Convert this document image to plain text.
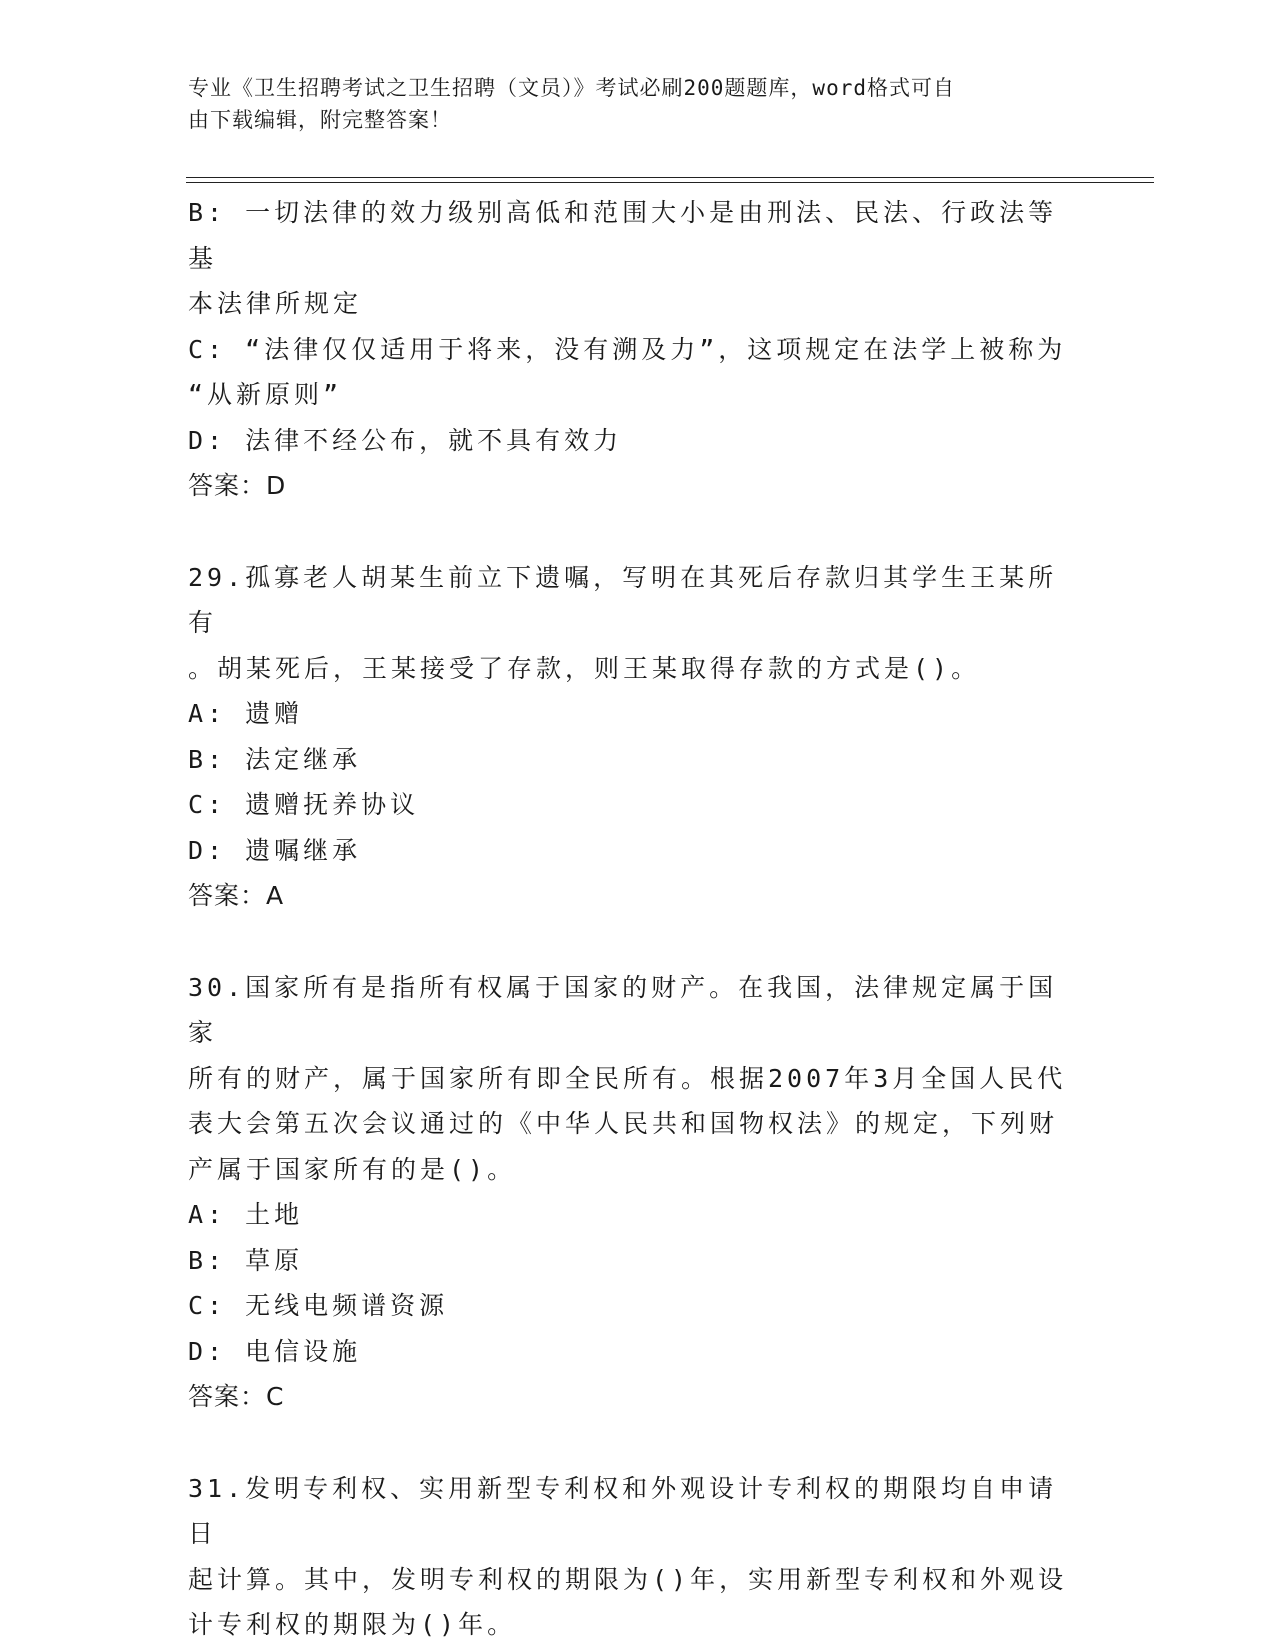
专业《卫生招聘考试之卫生招聘（文员）》考试必刷200题题库，word格式可自
由下载编辑，附完整答案！
B: 一切法律的效力级别高低和范围大小是由刑法、民法、行政法等基
本法律所规定
C: “法律仅仅适用于将来，没有溯及力”，这项规定在法学上被称为
“从新原则”
D: 法律不经公布，就不具有效力
答案：D
29.孤寡老人胡某生前立下遗嘱，写明在其死后存款归其学生王某所有
。胡某死后，王某接受了存款，则王某取得存款的方式是()。
A: 遗赠
B: 法定继承
C: 遗赠抚养协议
D: 遗嘱继承
答案：A
30.国家所有是指所有权属于国家的财产。在我国，法律规定属于国家
所有的财产，属于国家所有即全民所有。根据2007年3月全国人民代
表大会第五次会议通过的《中华人民共和国物权法》的规定，下列财
产属于国家所有的是()。
A: 土地
B: 草原
C: 无线电频谱资源
D: 电信设施
答案：C
31.发明专利权、实用新型专利权和外观设计专利权的期限均自申请日
起计算。其中，发明专利权的期限为()年，实用新型专利权和外观设
计专利权的期限为()年。
